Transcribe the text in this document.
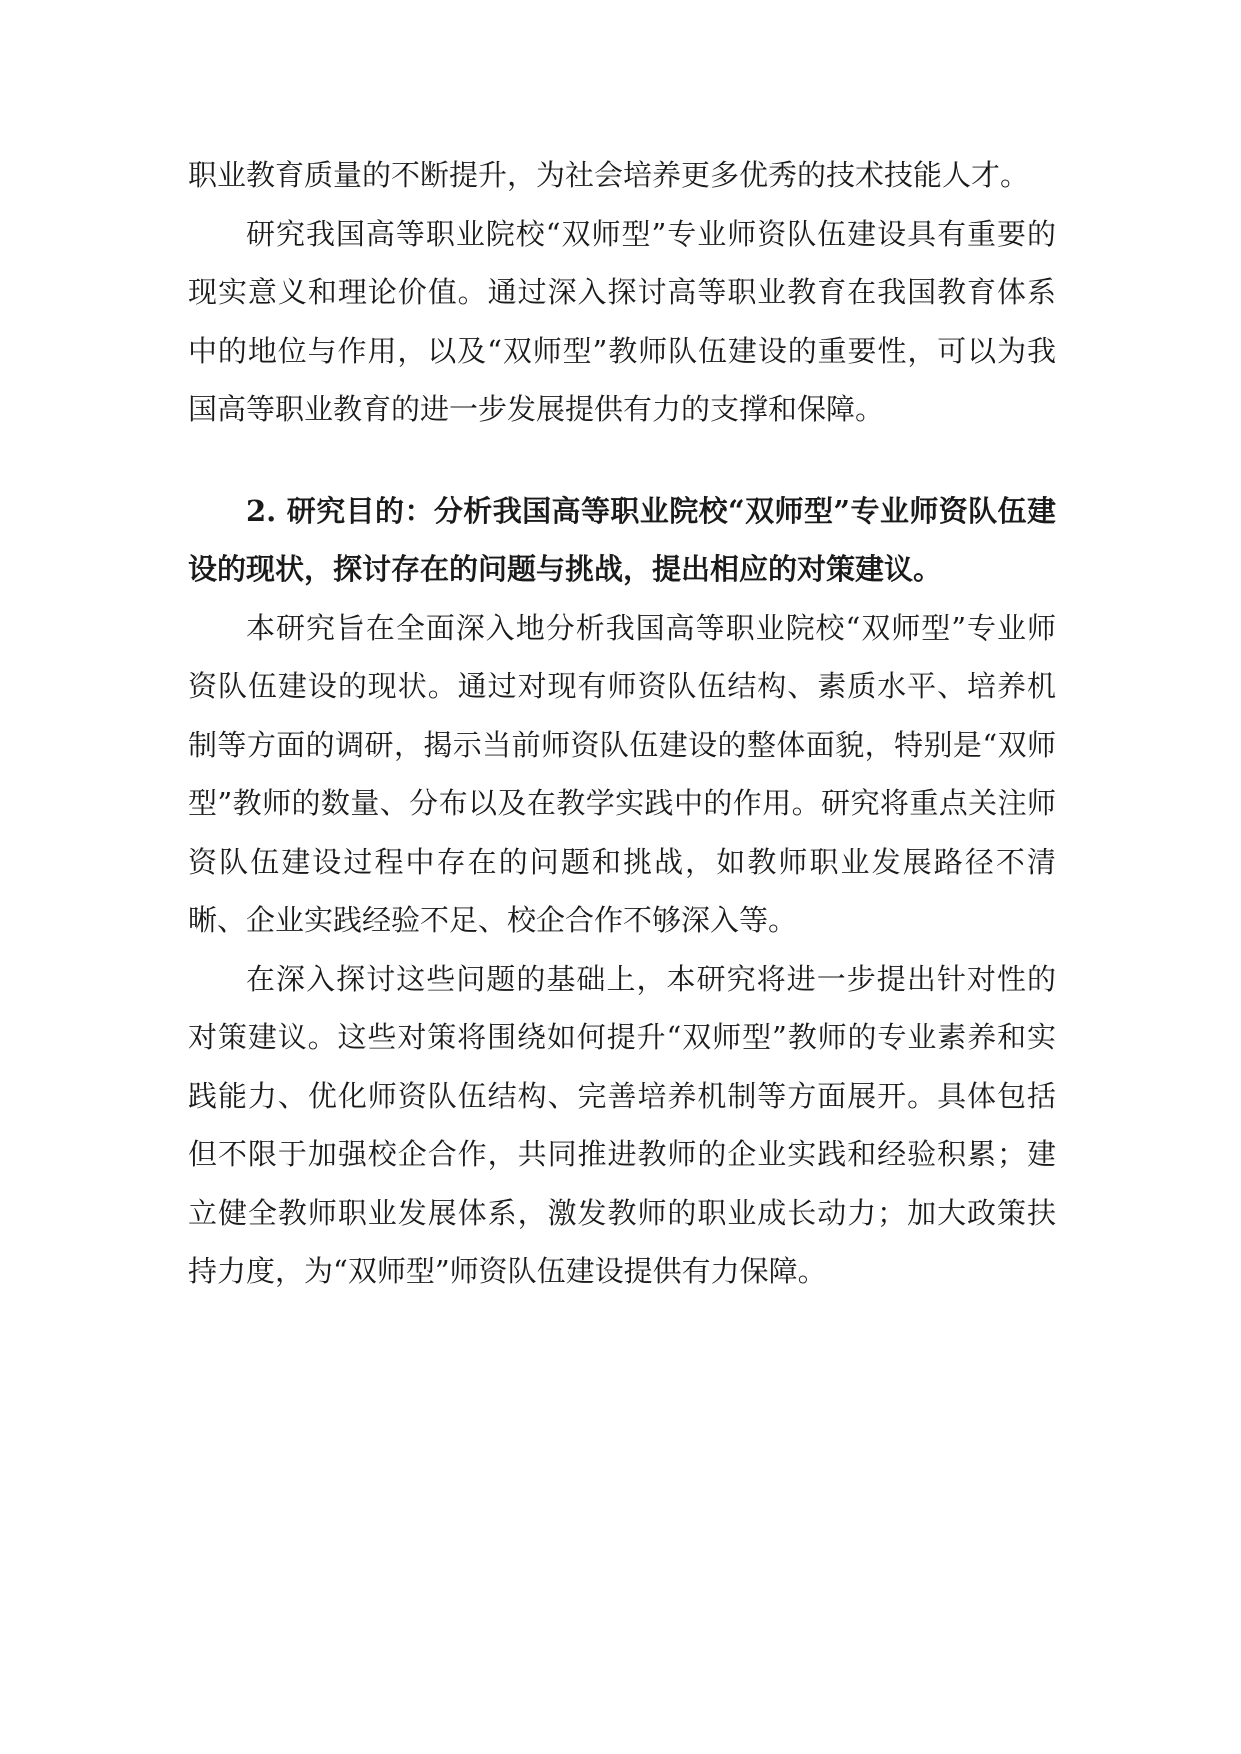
职业教育质量的不断提升，为社会培养更多优秀的技术技能人才。

研究我国高等职业院校“双师型”专业师资队伍建设具有重要的现实意义和理论价值。通过深入探讨高等职业教育在我国教育体系中的地位与作用，以及“双师型”教师队伍建设的重要性，可以为我国高等职业教育的进一步发展提供有力的支撑和保障。

2. 研究目的：分析我国高等职业院校“双师型”专业师资队伍建设的现状，探讨存在的问题与挑战，提出相应的对策建议。

本研究旨在全面深入地分析我国高等职业院校“双师型”专业师资队伍建设的现状。通过对现有师资队伍结构、素质水平、培养机制等方面的调研，揭示当前师资队伍建设的整体面貌，特别是“双师型”教师的数量、分布以及在教学实践中的作用。研究将重点关注师资队伍建设过程中存在的问题和挑战，如教师职业发展路径不清晰、企业实践经验不足、校企合作不够深入等。

在深入探讨这些问题的基础上，本研究将进一步提出针对性的对策建议。这些对策将围绕如何提升“双师型”教师的专业素养和实践能力、优化师资队伍结构、完善培养机制等方面展开。具体包括但不限于加强校企合作，共同推进教师的企业实践和经验积累；建立健全教师职业发展体系，激发教师的职业成长动力；加大政策扶持力度，为“双师型”师资队伍建设提供有力保障。
